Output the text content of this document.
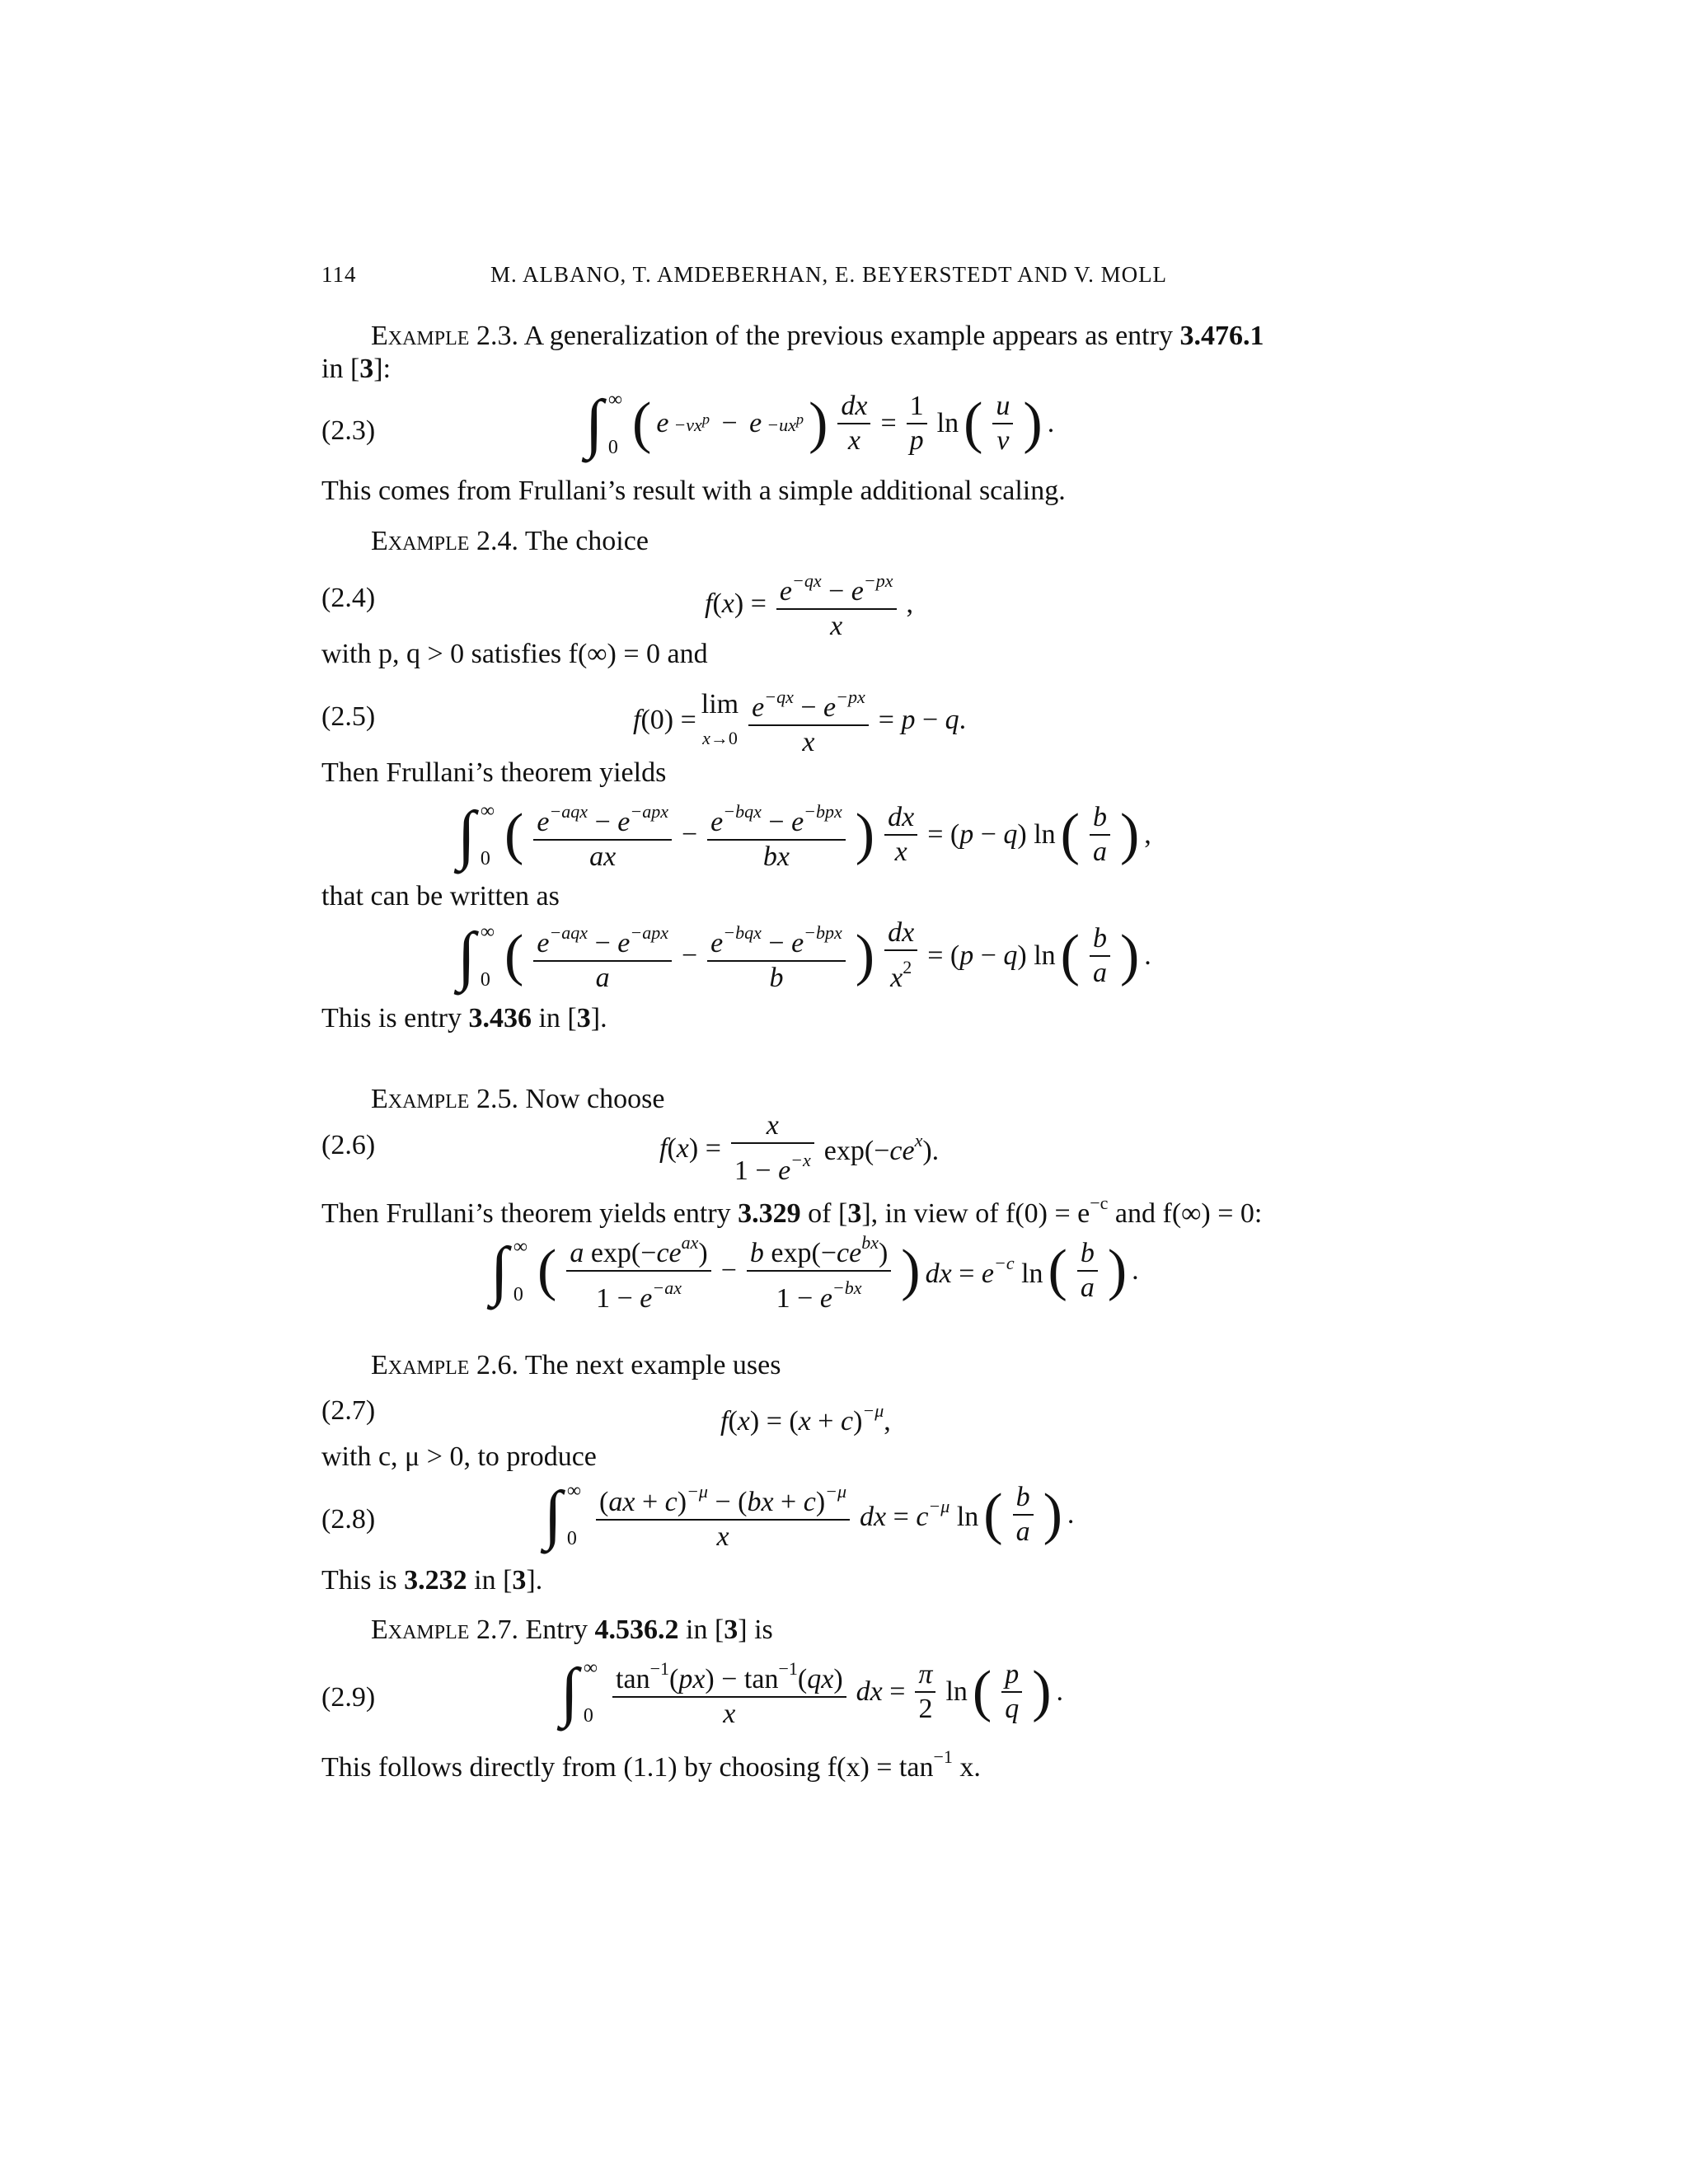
114	M. ALBANO, T. AMDEBERHAN, E. BEYERSTEDT AND V. MOLL
Example 2.3. A generalization of the previous example appears as entry 3.476.1
in [3]:
(2.3)	∫ ∞
0 ( $e -vx^p - e -ux^p$ ) $\frac{dx}{x} = \frac{1}{p}$ ln ( $\frac{u}{v}$ ) .
This comes from Frullani’s result with a simple additional scaling.
Example 2.4. The choice
(2.4)	$f(x) = \frac{e^{-qx} - e^{-px}}{x}$ ,
with p, q > 0 satisfies f(∞) = 0 and
(2.5)	f(0) =
lim
$x\to 0 \frac{e^{-qx} - e^{-px}}{x} = p - q$.
Then Frullani’s theorem yields
∫ ∞
0 ( $\frac{e^{-aqx} - e^{-apx}}{ax} - \frac{e^{-bqx} - e^{-bpx}}{bx}$ ) $\frac{dx}{x} = (p - q)$ ln ( $\frac{b}{a}$ ) ,
that can be written as
∫ ∞
0 ( $\frac{e^{-aqx} - e^{-apx}}{a} - \frac{e^{-bqx} - e^{-bpx}}{b}$ ) $\frac{dx}{x^2} = (p - q)$ ln ( $\frac{b}{a}$ ) .
This is entry 3.436 in [3].
Example 2.5. Now choose
(2.6)	$f(x) = \frac{x}{1 - e^{-x}} \exp(-ce^x)$.
Then Frullani’s theorem yields entry 3.329 of [3], in view of $f(0) = e^{-c}$ and f(∞) = 0:
∫ ∞
0 ( $\frac{a \exp(-ce^{ax})}{1 - e^{-ax}} - \frac{b \exp(-ce^{bx})}{1 - e^{-bx}}$ ) dx = $e^{-c}$ ln ( $\frac{b}{a}$ ) .
Example 2.6. The next example uses
(2.7)	$f(x) = (x + c)^{-\mu}$,
with c, μ > 0, to produce
(2.8)	∫ ∞
$0 \frac{(ax + c)^{-\mu} - (bx + c)^{-\mu}}{x}$ dx = $c^{-\mu}$ ln ( $\frac{b}{a}$ ) .
This is 3.232 in [3].
Example 2.7. Entry 4.536.2 in [3] is
(2.9)	∫ ∞
$0 \frac{\tan^{-1}(px) - \tan^{-1}(qx)}{x}$ dx = $\frac{\pi}{2}$ ln ( $\frac{p}{q}$ ) .
This follows directly from (1.1) by choosing $f(x) = \tan^{-1} x$.
